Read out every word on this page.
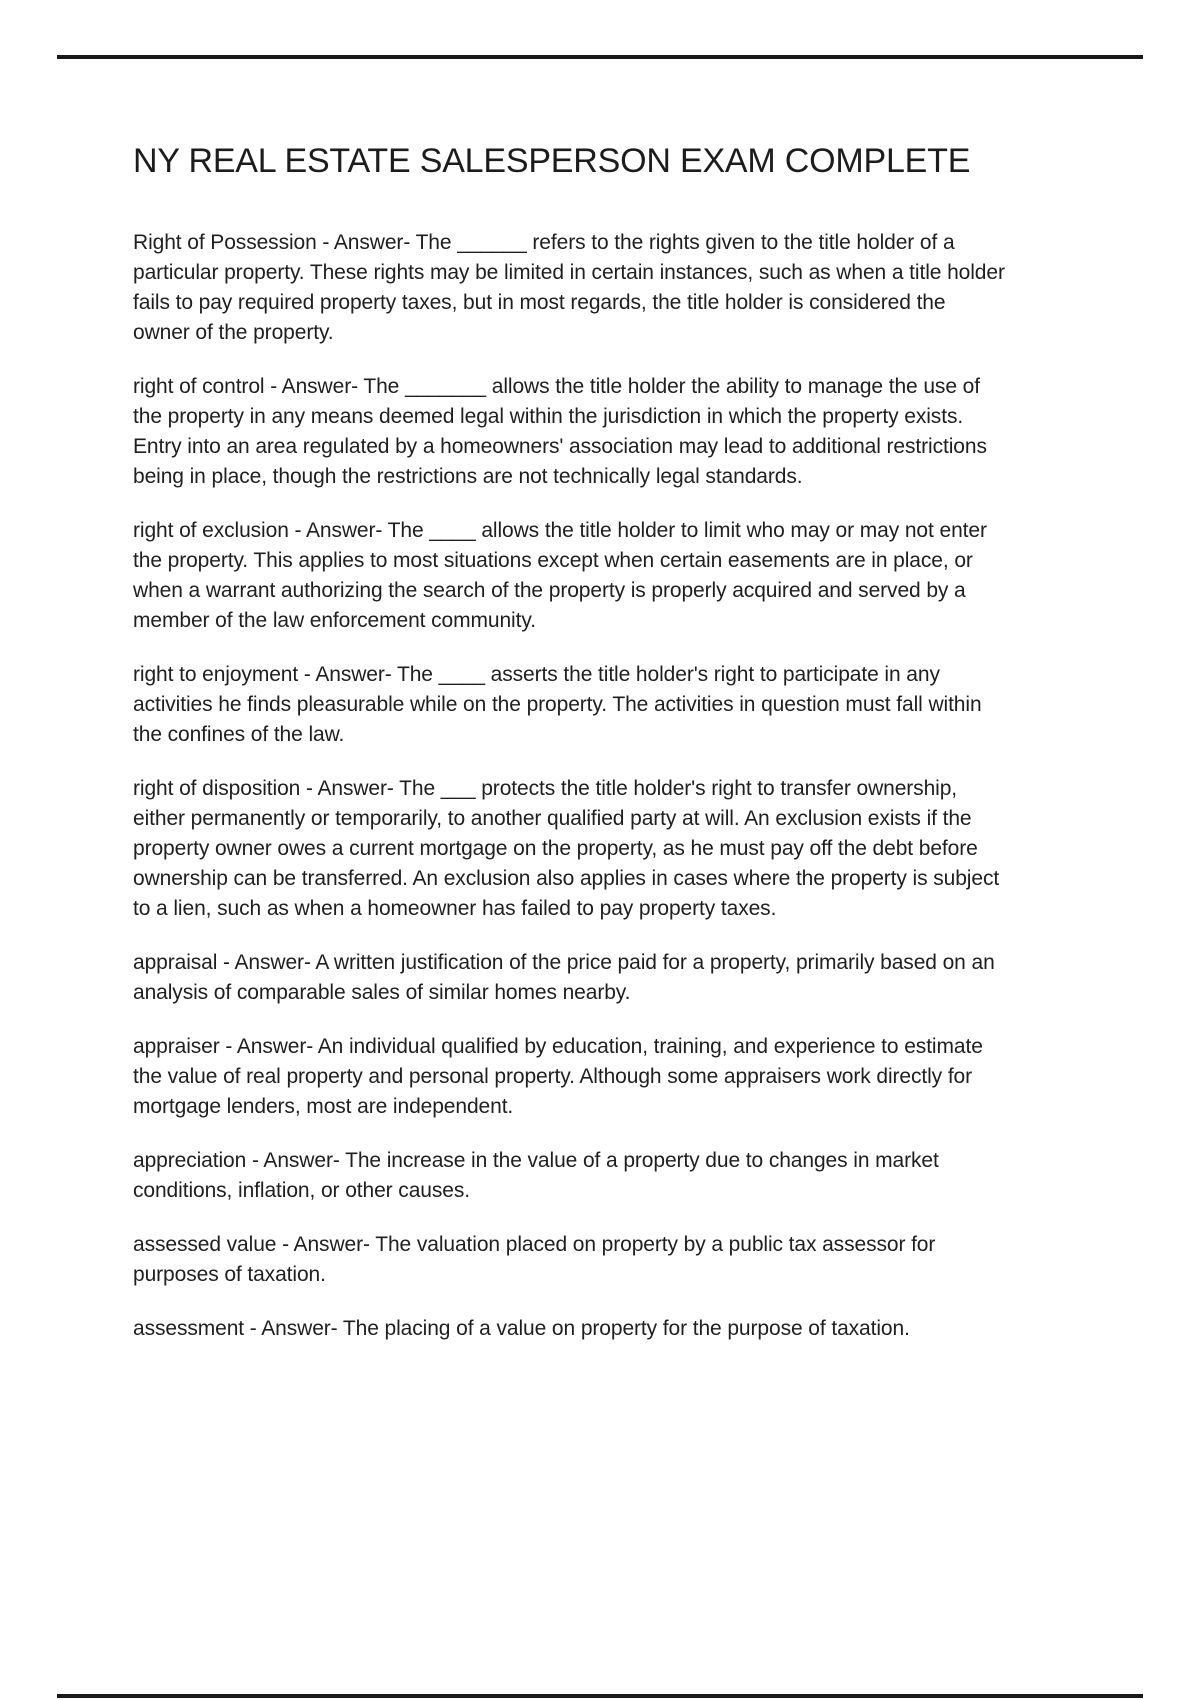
NY REAL ESTATE SALESPERSON EXAM COMPLETE

Right of Possession - Answer- The ______ refers to the rights given to the title holder of a particular property. These rights may be limited in certain instances, such as when a title holder fails to pay required property taxes, but in most regards, the title holder is considered the owner of the property.

right of control - Answer- The _______ allows the title holder the ability to manage the use of the property in any means deemed legal within the jurisdiction in which the property exists. Entry into an area regulated by a homeowners' association may lead to additional restrictions being in place, though the restrictions are not technically legal standards.

right of exclusion - Answer- The ____ allows the title holder to limit who may or may not enter the property. This applies to most situations except when certain easements are in place, or when a warrant authorizing the search of the property is properly acquired and served by a member of the law enforcement community.

right to enjoyment - Answer- The ____ asserts the title holder's right to participate in any activities he finds pleasurable while on the property. The activities in question must fall within the confines of the law.

right of disposition - Answer- The ___ protects the title holder's right to transfer ownership, either permanently or temporarily, to another qualified party at will. An exclusion exists if the property owner owes a current mortgage on the property, as he must pay off the debt before ownership can be transferred. An exclusion also applies in cases where the property is subject to a lien, such as when a homeowner has failed to pay property taxes.

appraisal - Answer- A written justification of the price paid for a property, primarily based on an analysis of comparable sales of similar homes nearby.

appraiser - Answer- An individual qualified by education, training, and experience to estimate the value of real property and personal property. Although some appraisers work directly for mortgage lenders, most are independent.

appreciation - Answer- The increase in the value of a property due to changes in market conditions, inflation, or other causes.

assessed value - Answer- The valuation placed on property by a public tax assessor for purposes of taxation.

assessment - Answer- The placing of a value on property for the purpose of taxation.
